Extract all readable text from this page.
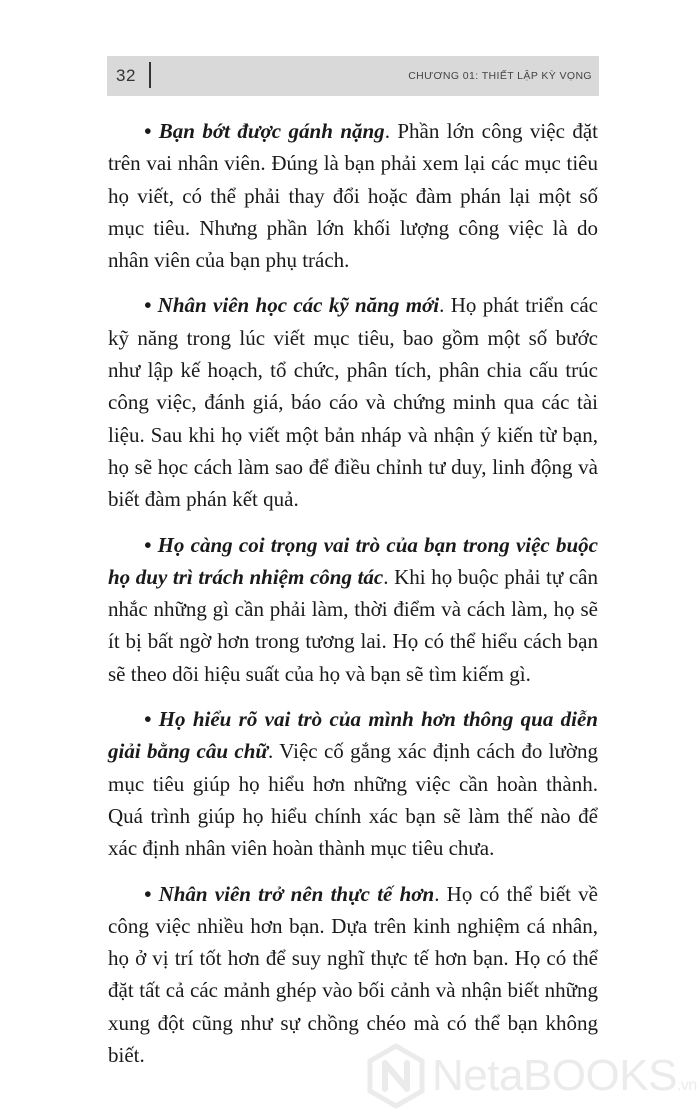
32	CHƯƠNG 01: THIẾT LẬP KỲ VỌNG

• Bạn bớt được gánh nặng. Phần lớn công việc đặt trên vai nhân viên. Đúng là bạn phải xem lại các mục tiêu họ viết, có thể phải thay đổi hoặc đàm phán lại một số mục tiêu. Nhưng phần lớn khối lượng công việc là do nhân viên của bạn phụ trách.

• Nhân viên học các kỹ năng mới. Họ phát triển các kỹ năng trong lúc viết mục tiêu, bao gồm một số bước như lập kế hoạch, tổ chức, phân tích, phân chia cấu trúc công việc, đánh giá, báo cáo và chứng minh qua các tài liệu. Sau khi họ viết một bản nháp và nhận ý kiến từ bạn, họ sẽ học cách làm sao để điều chỉnh tư duy, linh động và biết đàm phán kết quả.

• Họ càng coi trọng vai trò của bạn trong việc buộc họ duy trì trách nhiệm công tác. Khi họ buộc phải tự cân nhắc những gì cần phải làm, thời điểm và cách làm, họ sẽ ít bị bất ngờ hơn trong tương lai. Họ có thể hiểu cách bạn sẽ theo dõi hiệu suất của họ và bạn sẽ tìm kiếm gì.

• Họ hiểu rõ vai trò của mình hơn thông qua diễn giải bằng câu chữ. Việc cố gắng xác định cách đo lường mục tiêu giúp họ hiểu hơn những việc cần hoàn thành. Quá trình giúp họ hiểu chính xác bạn sẽ làm thế nào để xác định nhân viên hoàn thành mục tiêu chưa.

• Nhân viên trở nên thực tế hơn. Họ có thể biết về công việc nhiều hơn bạn. Dựa trên kinh nghiệm cá nhân, họ ở vị trí tốt hơn để suy nghĩ thực tế hơn bạn. Họ có thể đặt tất cả các mảnh ghép vào bối cảnh và nhận biết những xung đột cũng như sự chồng chéo mà có thể bạn không biết.	NetaBOOKS.vn
